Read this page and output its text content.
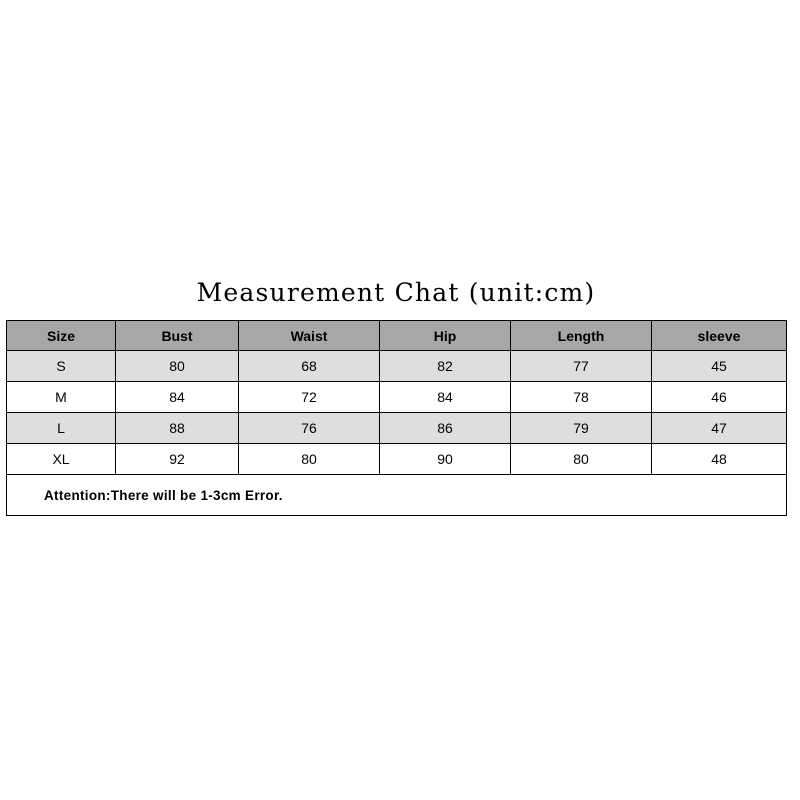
Measurement Chat (unit:cm)
Size	Bust	Waist	Hip	Length	sleeve
S	80	68	82	77	45
M	84	72	84	78	46
L	88	76	86	79	47
XL	92	80	90	80	48
Attention:There will be 1-3cm Error.					
